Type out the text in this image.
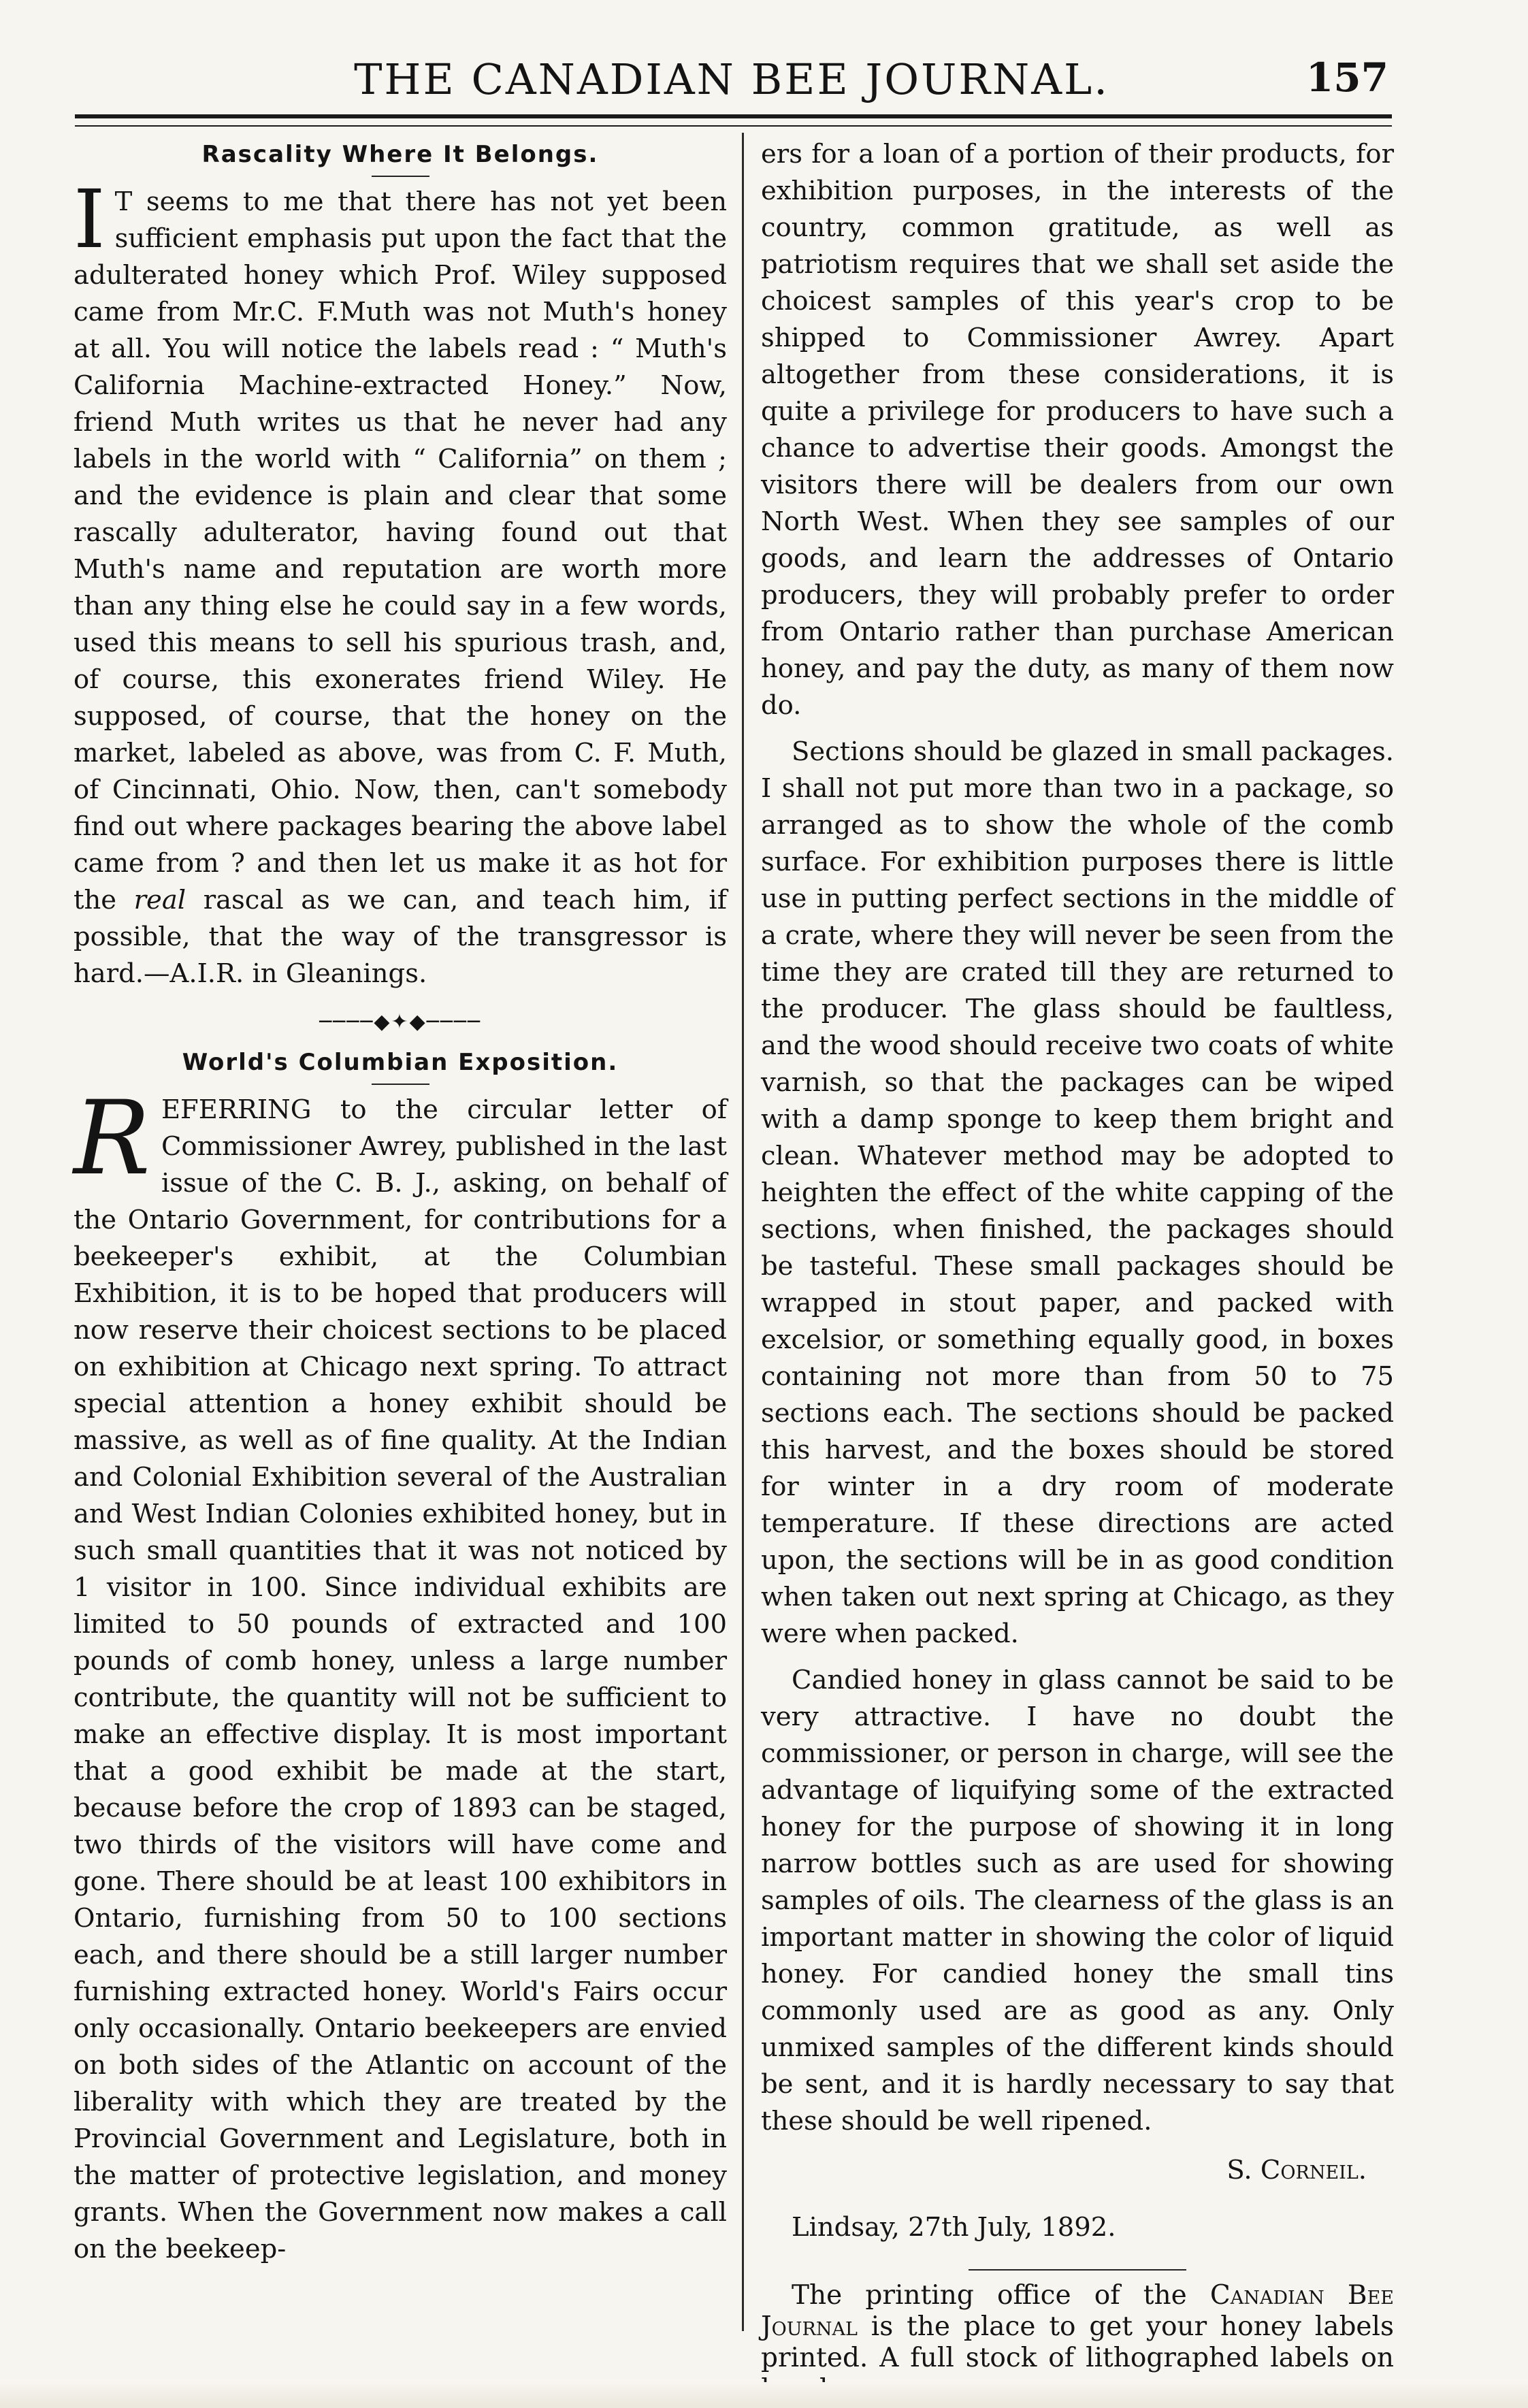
THE CANADIAN BEE JOURNAL.	157
Rascality Where It Belongs.

I T seems to me that there has not yet been sufficient emphasis put upon the fact that the adulterated honey which Prof. Wiley supposed came from Mr.C. F.Muth was not Muth's honey at all. You will notice the labels read : “ Muth's California Machine-extracted Honey.” Now, friend Muth writes us that he never had any labels in the world with “ California” on them ; and the evidence is plain and clear that some rascally adulterator, having found out that Muth's name and reputation are worth more than any thing else he could say in a few words, used this means to sell his spurious trash, and, of course, this exonerates friend Wiley. He supposed, of course, that the honey on the market, labeled as above, was from C. F. Muth, of Cincinnati, Ohio. Now, then, can't somebody find out where packages bearing the above label came from ? and then let us make it as hot for the real rascal as we can, and teach him, if possible, that the way of the transgressor is hard.—A.I.R. in Gleanings.

────◆✦◆────
World's Columbian Exposition.

REFERRING to the circular letter of Commissioner Awrey, published in the last issue of the C. B. J., asking, on behalf of the Ontario Government, for contributions for a beekeeper's exhibit, at the Columbian Exhibition, it is to be hoped that producers will now reserve their choicest sections to be placed on exhibition at Chicago next spring. To attract special attention a honey exhibit should be massive, as well as of fine quality. At the Indian and Colonial Exhibition several of the Australian and West Indian Colonies exhibited honey, but in such small quantities that it was not noticed by 1 visitor in 100. Since individual exhibits are limited to 50 pounds of extracted and 100 pounds of comb honey, unless a large number contribute, the quantity will not be sufficient to make an effective display. It is most important that a good exhibit be made at the start, because before the crop of 1893 can be staged, two thirds of the visitors will have come and gone. There should be at least 100 exhibitors in Ontario, furnishing from 50 to 100 sections each, and there should be a still larger number furnishing extracted honey. World's Fairs occur only occasionally. Ontario beekeepers are envied on both sides of the Atlantic on account of the liberality with which they are treated by the Provincial Government and Legislature, both in the matter of protective legislation, and money grants. When the Government now makes a call on the beekeep-

ers for a loan of a portion of their products, for exhibition purposes, in the interests of the country, common gratitude, as well as patriotism requires that we shall set aside the choicest samples of this year's crop to be shipped to Commissioner Awrey. Apart altogether from these considerations, it is quite a privilege for producers to have such a chance to advertise their goods. Amongst the visitors there will be dealers from our own North West. When they see samples of our goods, and learn the addresses of Ontario producers, they will probably prefer to order from Ontario rather than purchase American honey, and pay the duty, as many of them now do.

Sections should be glazed in small packages. I shall not put more than two in a package, so arranged as to show the whole of the comb surface. For exhibition purposes there is little use in putting perfect sections in the middle of a crate, where they will never be seen from the time they are crated till they are returned to the producer. The glass should be faultless, and the wood should receive two coats of white varnish, so that the packages can be wiped with a damp sponge to keep them bright and clean. Whatever method may be adopted to heighten the effect of the white capping of the sections, when finished, the packages should be tasteful. These small packages should be wrapped in stout paper, and packed with excelsior, or something equally good, in boxes containing not more than from 50 to 75 sections each. The sections should be packed this harvest, and the boxes should be stored for winter in a dry room of moderate temperature. If these directions are acted upon, the sections will be in as good condition when taken out next spring at Chicago, as they were when packed.

Candied honey in glass cannot be said to be very attractive. I have no doubt the commissioner, or person in charge, will see the advantage of liquifying some of the extracted honey for the purpose of showing it in long narrow bottles such as are used for showing samples of oils. The clearness of the glass is an important matter in showing the color of liquid honey. For candied honey the small tins commonly used are as good as any. Only unmixed samples of the different kinds should be sent, and it is hardly necessary to say that these should be well ripened.

S. Corneil.
Lindsay, 27th July, 1892.

The printing office of the Canadian Bee Journal is the place to get your honey labels printed. A full stock of lithographed labels on
